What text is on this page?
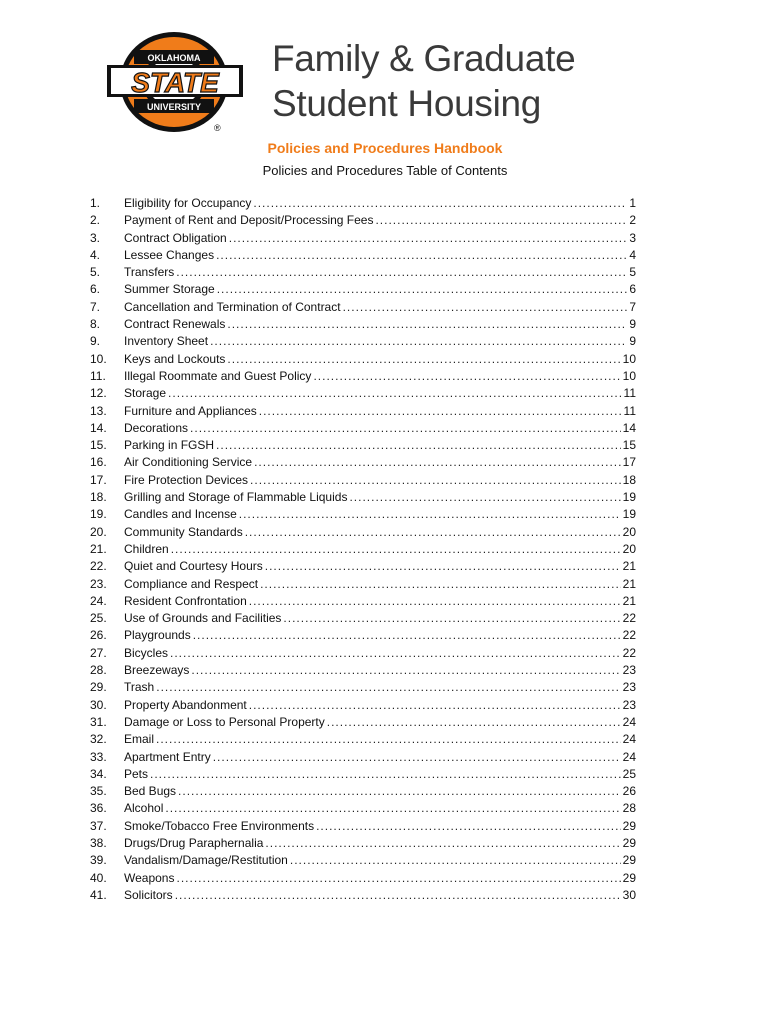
OKLAHOMA
STATE
UNIVERSITY
®
Family & Graduate
Student Housing
Policies and Procedures Handbook
Policies and Procedures Table of Contents
1.	Eligibility for Occupancy .....	1
2.	Payment of Rent and Deposit/Processing Fees .....	2
3.	Contract Obligation .....	3
4.	Lessee Changes .....	4
5.	Transfers .....	5
6.	Summer Storage .....	6
7.	Cancellation and Termination of Contract .....	7
8.	Contract Renewals .....	9
9.	Inventory Sheet .....	9
10.	Keys and Lockouts .....	10
11.	Illegal Roommate and Guest Policy .....	10
12.	Storage .....	11
13.	Furniture and Appliances .....	11
14.	Decorations .....	14
15.	Parking in FGSH .....	15
16.	Air Conditioning Service .....	17
17.	Fire Protection Devices .....	18
18.	Grilling and Storage of Flammable Liquids .....	19
19.	Candles and Incense .....	19
20.	Community Standards .....	20
21.	Children .....	20
22.	Quiet and Courtesy Hours .....	21
23.	Compliance and Respect .....	21
24.	Resident Confrontation .....	21
25.	Use of Grounds and Facilities .....	22
26.	Playgrounds .....	22
27.	Bicycles .....	22
28.	Breezeways .....	23
29.	Trash .....	23
30.	Property Abandonment .....	23
31.	Damage or Loss to Personal Property .....	24
32.	Email .....	24
33.	Apartment Entry .....	24
34.	Pets .....	25
35.	Bed Bugs .....	26
36.	Alcohol .....	28
37.	Smoke/Tobacco Free Environments .....	29
38.	Drugs/Drug Paraphernalia .....	29
39.	Vandalism/Damage/Restitution .....	29
40.	Weapons .....	29
41.	Solicitors .....	30
